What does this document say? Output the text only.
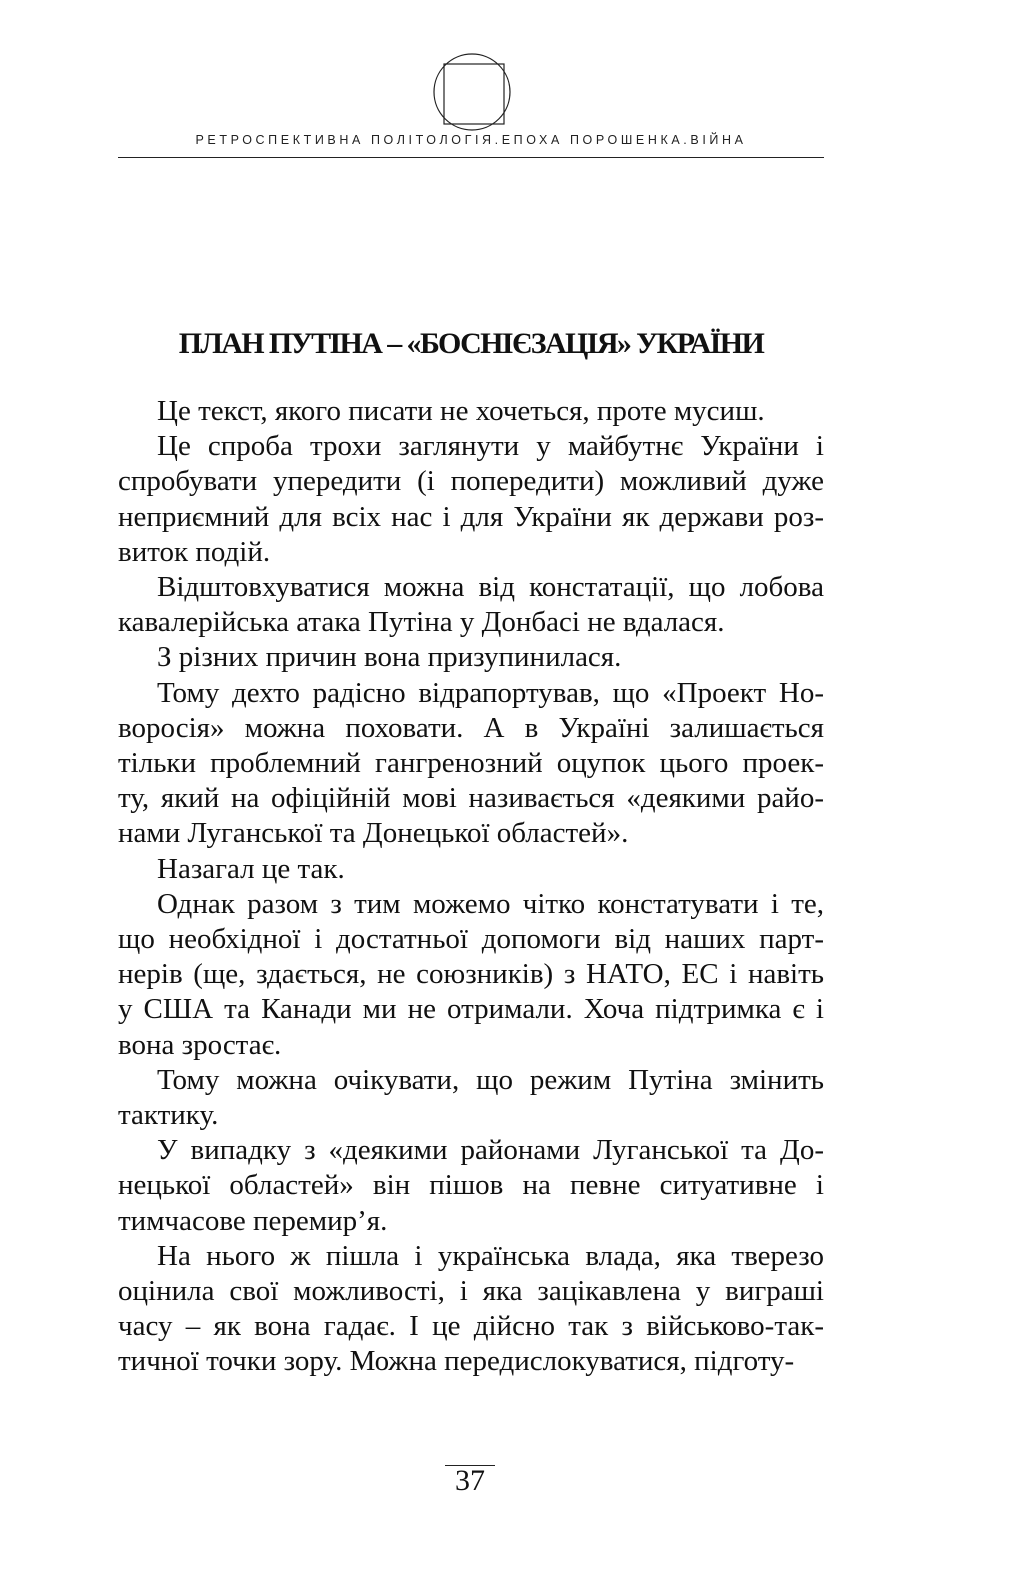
РЕТРОСПЕКТИВНА ПОЛІТОЛОГІЯ.ЕПОХА ПОРОШЕНКА.ВІЙНА
ПЛАН ПУТІНА – «БОСНІЄЗАЦІЯ» УКРАЇНИ

Це текст, якого писати не хочеться, проте мусиш.

Це спроба трохи заглянути у майбутнє України і
спробувати упередити (і попередити) можливий дуже
неприємний для всіх нас і для України як держави роз-
виток подій.

Відштовхуватися можна від констатації, що лобова
кавалерійська атака Путіна у Донбасі не вдалася.

З різних причин вона призупинилася.

Тому дехто радісно відрапортував, що «Проект Но-
воросія» можна поховати. А в Україні залишається
тільки проблемний гангренозний оцупок цього проек-
ту, який на офіційній мові називається «деякими райо-
нами Луганської та Донецької областей».

Назагал це так.

Однак разом з тим можемо чітко констатувати і те,
що необхідної і достатньої допомоги від наших парт-
нерів (ще, здається, не союзників) з НАТО, ЕС і навіть
у США та Канади ми не отримали. Хоча підтримка є і
вона зростає.

Тому можна очікувати, що режим Путіна змінить
тактику.

У випадку з «деякими районами Луганської та До-
нецької областей» він пішов на певне ситуативне і
тимчасове перемир’я.

На нього ж пішла і українська влада, яка тверезо
оцінила свої можливості, і яка зацікавлена у виграші
часу – як вона гадає. І це дійсно так з військово-так-
тичної точки зору. Можна передислокуватися, підготу-

37
